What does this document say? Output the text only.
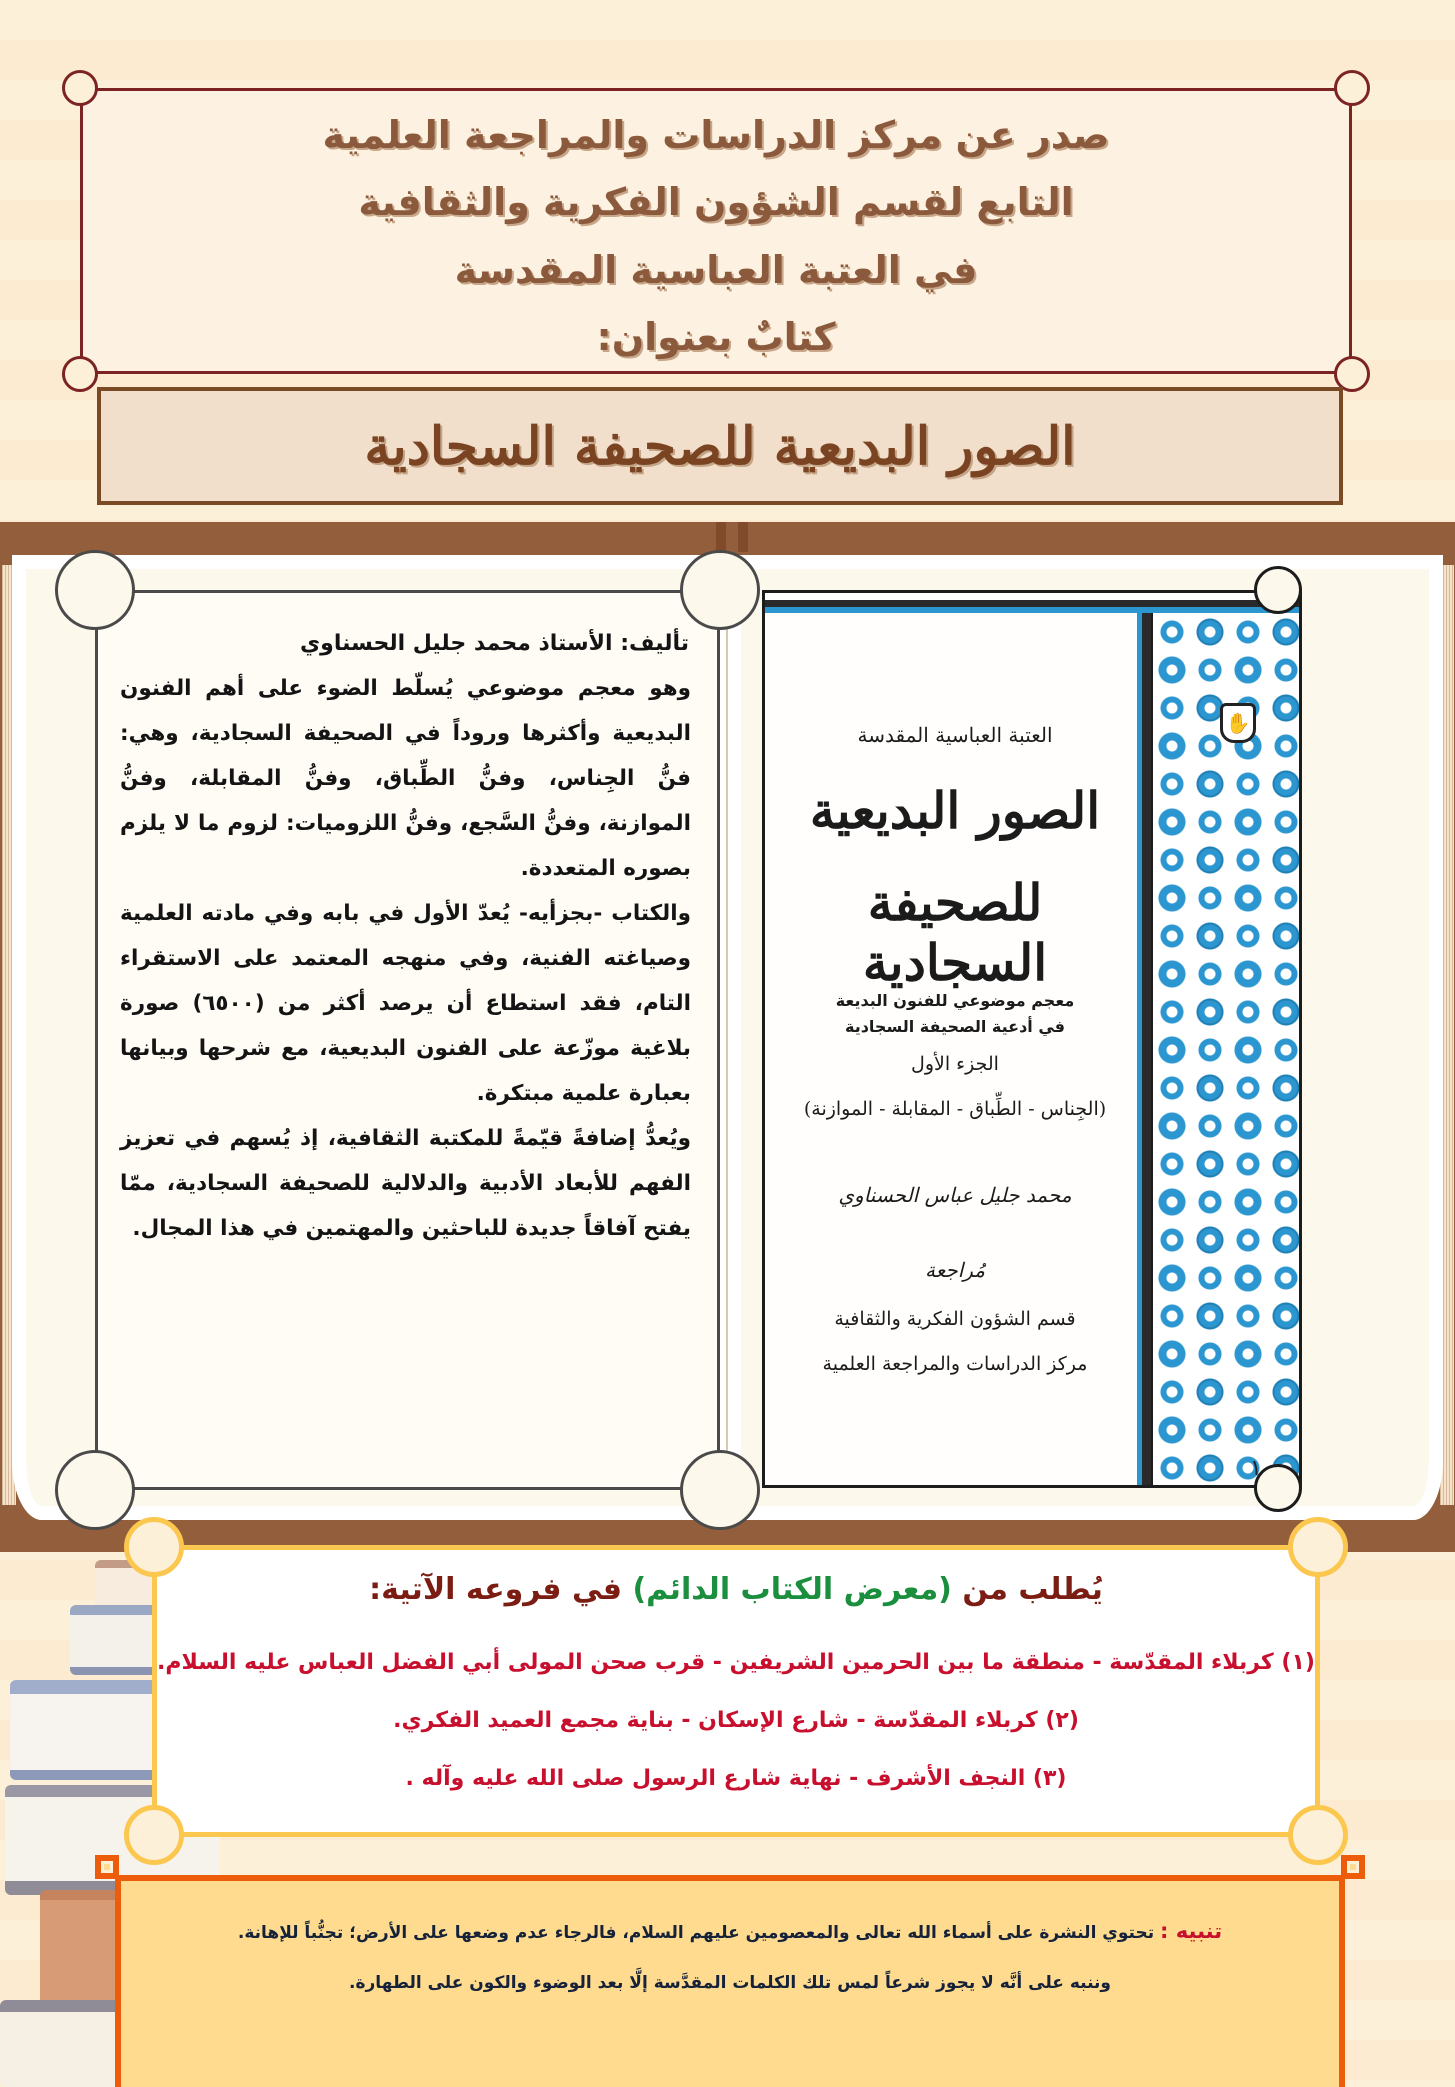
صدر عن مركز الدراسات والمراجعة العلمية
التابع لقسم الشؤون الفكرية والثقافية
في العتبة العباسية المقدسة
كتابٌ بعنوان:
الصور البديعية للصحيفة السجادية
تأليف: الأستاذ محمد جليل الحسناوي
وهو معجم موضوعي يُسلّط الضوء على أهم الفنون البديعية وأكثرها وروداً في الصحيفة السجادية، وهي: فنُّ الجِناس، وفنُّ الطِّباق، وفنُّ المقابلة، وفنُّ الموازنة، وفنُّ السَّجع، وفنُّ اللزوميات: لزوم ما لا يلزم بصوره المتعددة.
والكتاب -بجزأيه- يُعدّ الأول في بابه وفي مادته العلمية وصياغته الفنية، وفي منهجه المعتمد على الاستقراء التام، فقد استطاع أن يرصد أكثر من (٦٥٠٠) صورة بلاغية موزّعة على الفنون البديعية، مع شرحها وبيانها بعبارة علمية مبتكرة.
ويُعدُّ إضافةً قيّمةً للمكتبة الثقافية، إذ يُسهم في تعزيز الفهم للأبعاد الأدبية والدلالية للصحيفة السجادية، ممّا يفتح آفاقاً جديدة للباحثين والمهتمين في هذا المجال.
✋
العتبة العباسية المقدسة
الصور البديعية
للصحيفة السجادية
معجم موضوعي للفنون البديعة
في أدعية الصحيفة السجادية
الجزء الأول
(الجِناس - الطِّباق - المقابلة - الموازنة)
محمد جليل عباس الحسناوي
مُراجعة
قسم الشؤون الفكرية والثقافية
مركز الدراسات والمراجعة العلمية
١
يُطلب من (معرض الكتاب الدائم) في فروعه الآتية:
(١) كربلاء المقدّسة - منطقة ما بين الحرمين الشريفين - قرب صحن المولى أبي الفضل العباس عليه السلام.
(٢) كربلاء المقدّسة - شارع الإسكان - بناية مجمع العميد الفكري.
(٣) النجف الأشرف - نهاية شارع الرسول صلى الله عليه وآله .
تنبيه : تحتوي النشرة على أسماء الله تعالى والمعصومين عليهم السلام، فالرجاء عدم وضعها على الأرض؛ تجنُّباً للإهانة.
وننبه على أنَّه لا يجوز شرعاً لمس تلك الكلمات المقدَّسة إلَّا بعد الوضوء والكون على الطهارة.
